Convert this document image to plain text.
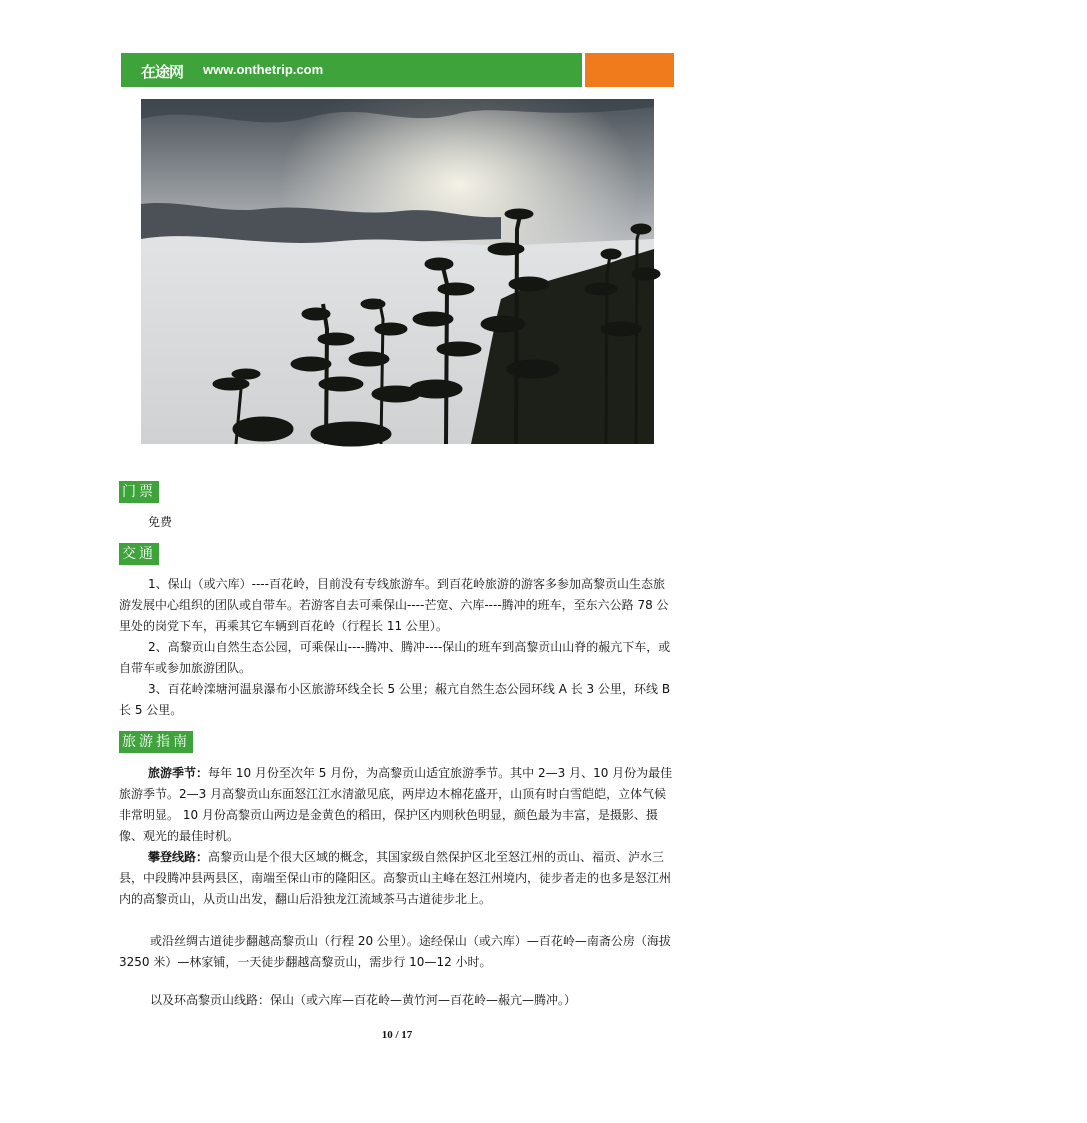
在途网 www.onthetrip.com	腾冲
门票

免费

交通

1、保山（或六库）----百花岭，目前没有专线旅游车。到百花岭旅游的游客多参加高黎贡山生态旅游发展中心组织的团队或自带车。若游客自去可乘保山----芒宽、六库----腾冲的班车，至东六公路 78 公里处的岗党下车，再乘其它车辆到百花岭（行程长 11 公里）。

2、高黎贡山自然生态公园，可乘保山----腾冲、腾冲----保山的班车到高黎贡山山脊的赧亢下车，或自带车或参加旅游团队。

3、百花岭滦塘河温泉瀑布小区旅游环线全长 5 公里；赧亢自然生态公园环线 A 长 3 公里，环线 B 长 5 公里。

旅游指南

旅游季节：每年 10 月份至次年 5 月份，为高黎贡山适宜旅游季节。其中 2—3 月、10 月份为最佳旅游季节。2—3 月高黎贡山东面怒江江水清澈见底，两岸边木棉花盛开，山顶有时白雪皑皑，立体气候非常明显。 10 月份高黎贡山两边是金黄色的稻田，保护区内则秋色明显，颜色最为丰富，是摄影、摄像、观光的最佳时机。

攀登线路：高黎贡山是个很大区域的概念，其国家级自然保护区北至怒江州的贡山、福贡、泸水三县，中段腾冲县两县区，南端至保山市的隆阳区。高黎贡山主峰在怒江州境内，徒步者走的也多是怒江州内的高黎贡山，从贡山出发，翻山后沿独龙江流域茶马古道徒步北上。

或沿丝绸古道徒步翻越高黎贡山（行程 20 公里）。途经保山（或六库）—百花岭—南斋公房（海拔 3250 米）—林家铺，一天徒步翻越高黎贡山，需步行 10—12 小时。

以及环高黎贡山线路：保山（或六库—百花岭—黄竹河—百花岭—赧亢—腾冲。）

10 / 17
